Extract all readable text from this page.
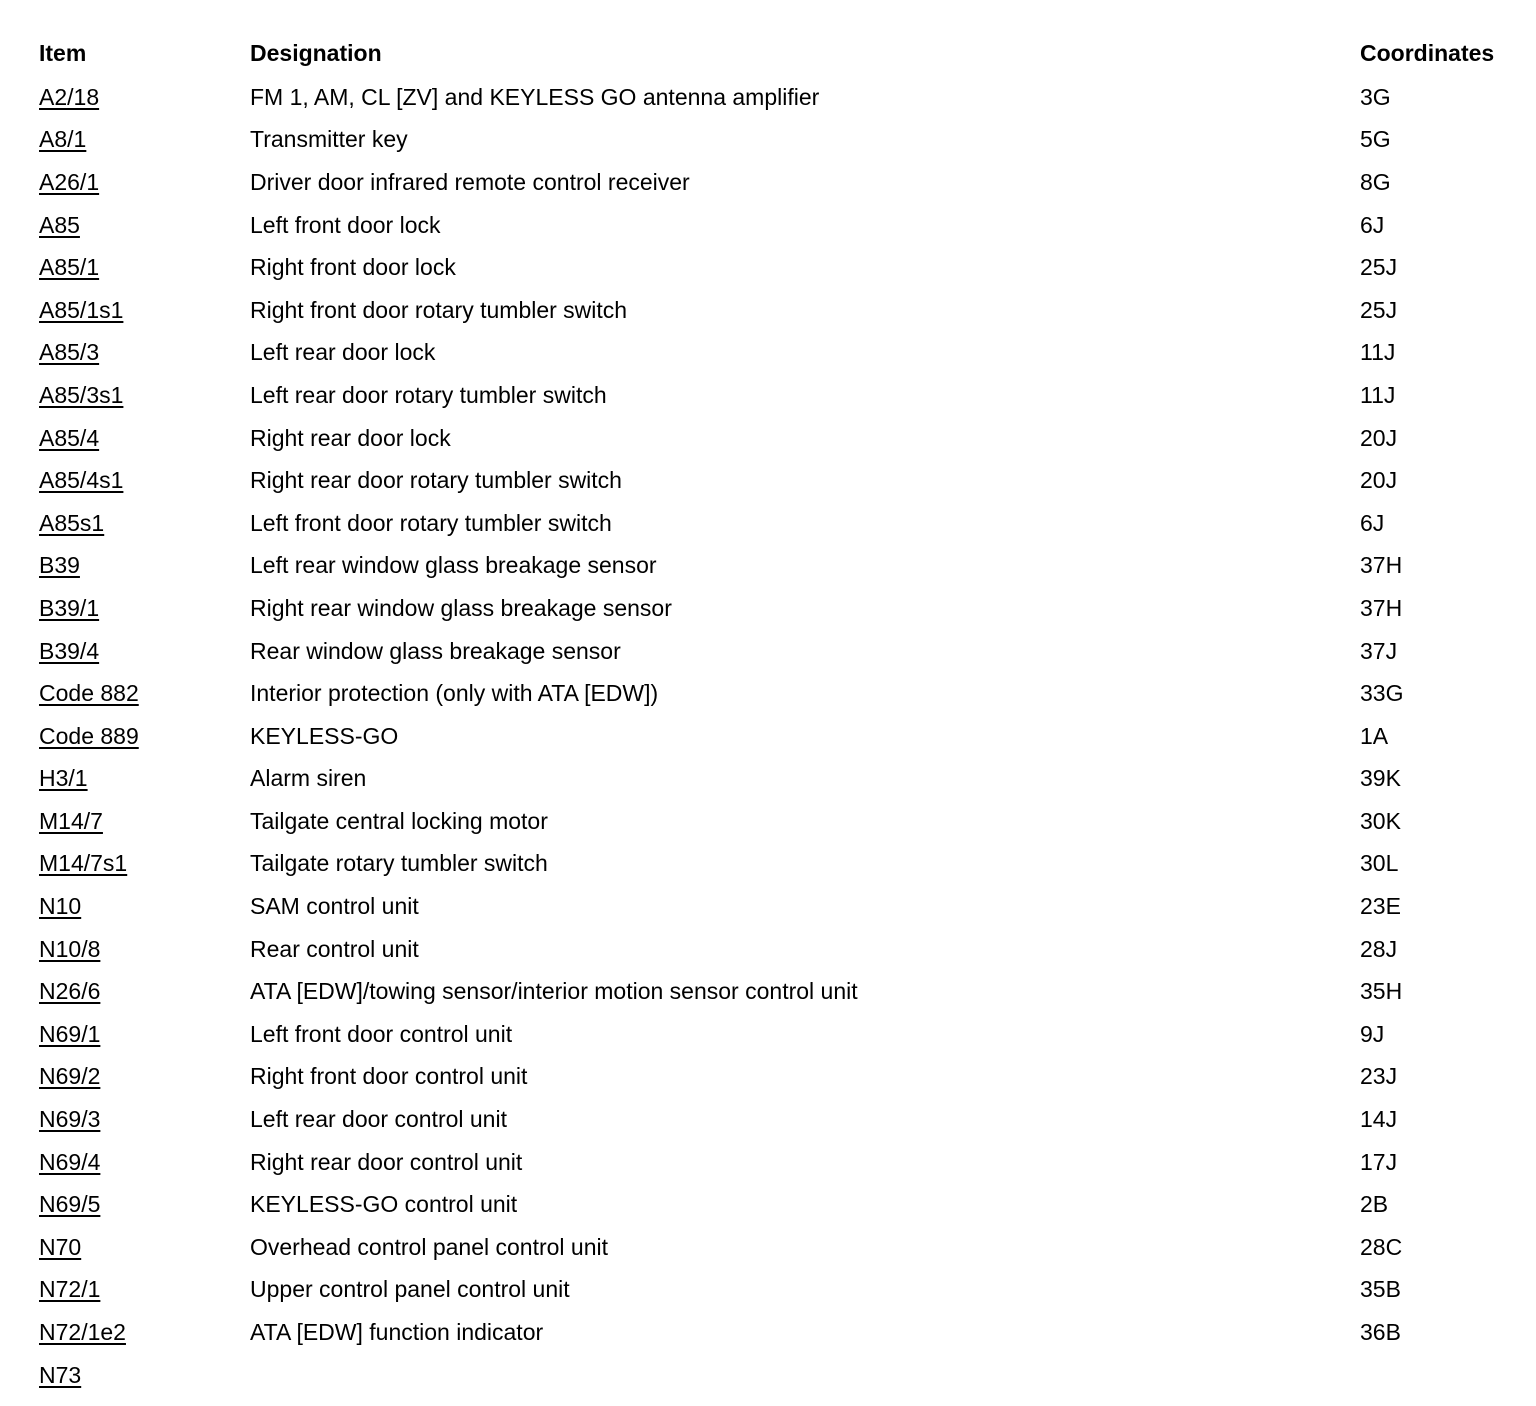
Item	Designation	Coordinates
A2/18	FM 1, AM, CL [ZV] and KEYLESS GO antenna amplifier	3G
A8/1	Transmitter key	5G
A26/1	Driver door infrared remote control receiver	8G
A85	Left front door lock	6J
A85/1	Right front door lock	25J
A85/1s1	Right front door rotary tumbler switch	25J
A85/3	Left rear door lock	11J
A85/3s1	Left rear door rotary tumbler switch	11J
A85/4	Right rear door lock	20J
A85/4s1	Right rear door rotary tumbler switch	20J
A85s1	Left front door rotary tumbler switch	6J
B39	Left rear window glass breakage sensor	37H
B39/1	Right rear window glass breakage sensor	37H
B39/4	Rear window glass breakage sensor	37J
Code 882	Interior protection (only with ATA [EDW])	33G
Code 889	KEYLESS-GO	1A
H3/1	Alarm siren	39K
M14/7	Tailgate central locking motor	30K
M14/7s1	Tailgate rotary tumbler switch	30L
N10	SAM control unit	23E
N10/8	Rear control unit	28J
N26/6	ATA [EDW]/towing sensor/interior motion sensor control unit	35H
N69/1	Left front door control unit	9J
N69/2	Right front door control unit	23J
N69/3	Left rear door control unit	14J
N69/4	Right rear door control unit	17J
N69/5	KEYLESS-GO control unit	2B
N70	Overhead control panel control unit	28C
N72/1	Upper control panel control unit	35B
N72/1e2	ATA [EDW] function indicator	36B
N73
